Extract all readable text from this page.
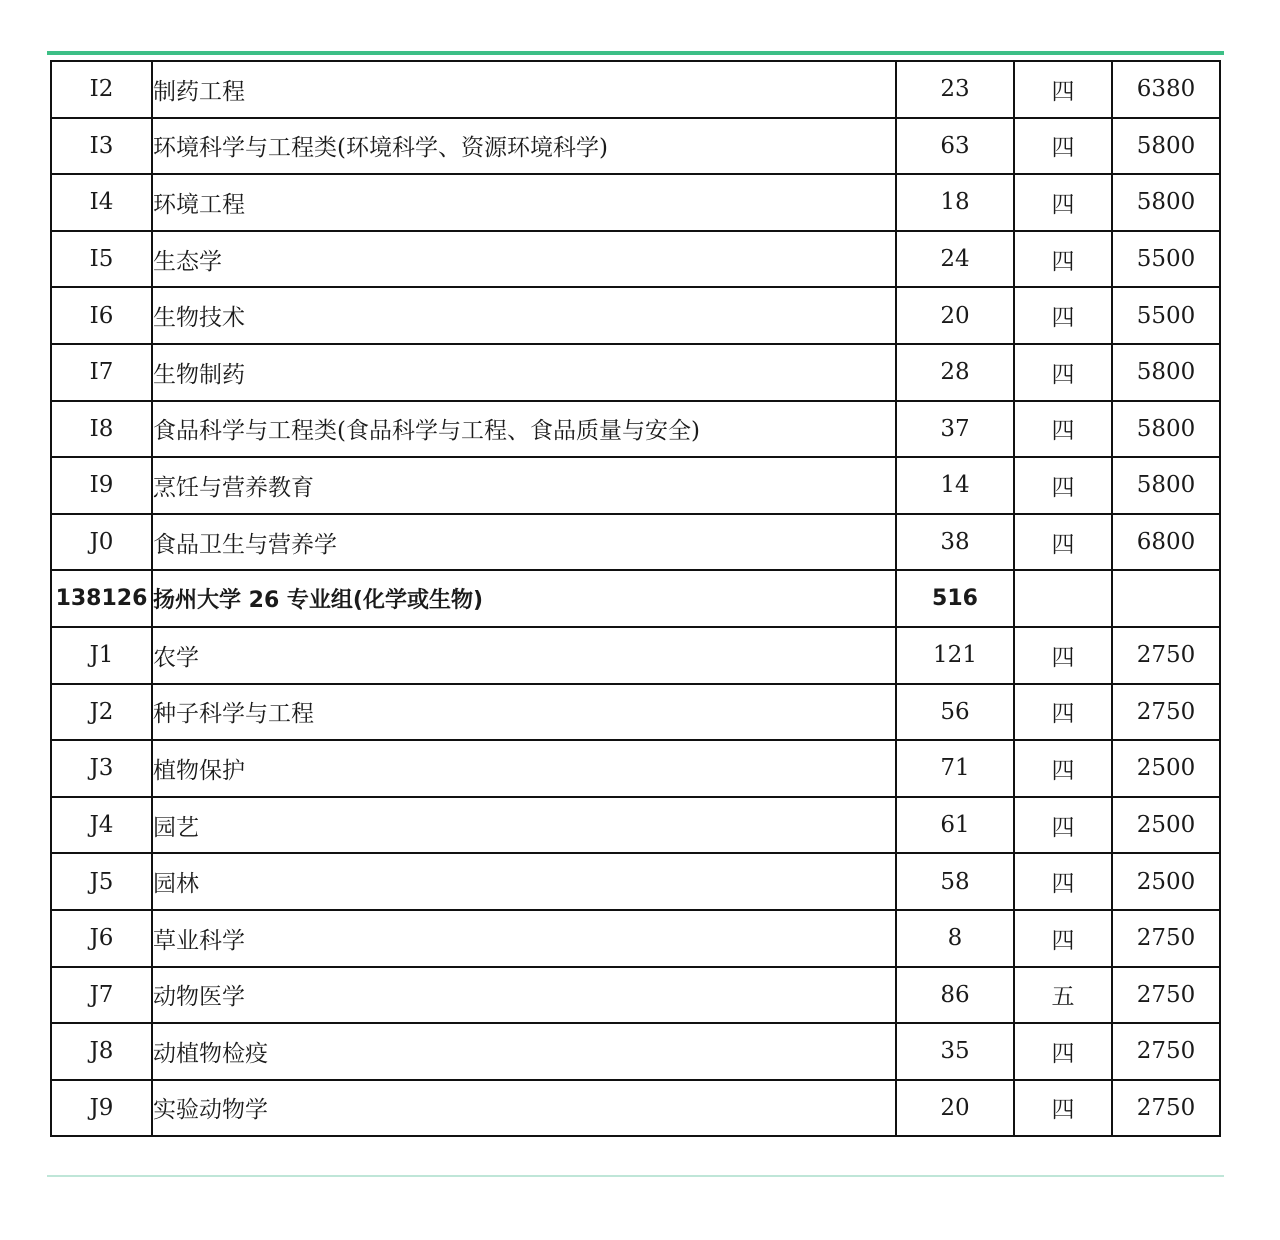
I2	制药工程	23	四	6380
I3	环境科学与工程类(环境科学、资源环境科学)	63	四	5800
I4	环境工程	18	四	5800
I5	生态学	24	四	5500
I6	生物技术	20	四	5500
I7	生物制药	28	四	5800
I8	食品科学与工程类(食品科学与工程、食品质量与安全)	37	四	5800
I9	烹饪与营养教育	14	四	5800
J0	食品卫生与营养学	38	四	6800
138126	扬州大学 26 专业组(化学或生物)	516		
J1	农学	121	四	2750
J2	种子科学与工程	56	四	2750
J3	植物保护	71	四	2500
J4	园艺	61	四	2500
J5	园林	58	四	2500
J6	草业科学	8	四	2750
J7	动物医学	86	五	2750
J8	动植物检疫	35	四	2750
J9	实验动物学	20	四	2750
